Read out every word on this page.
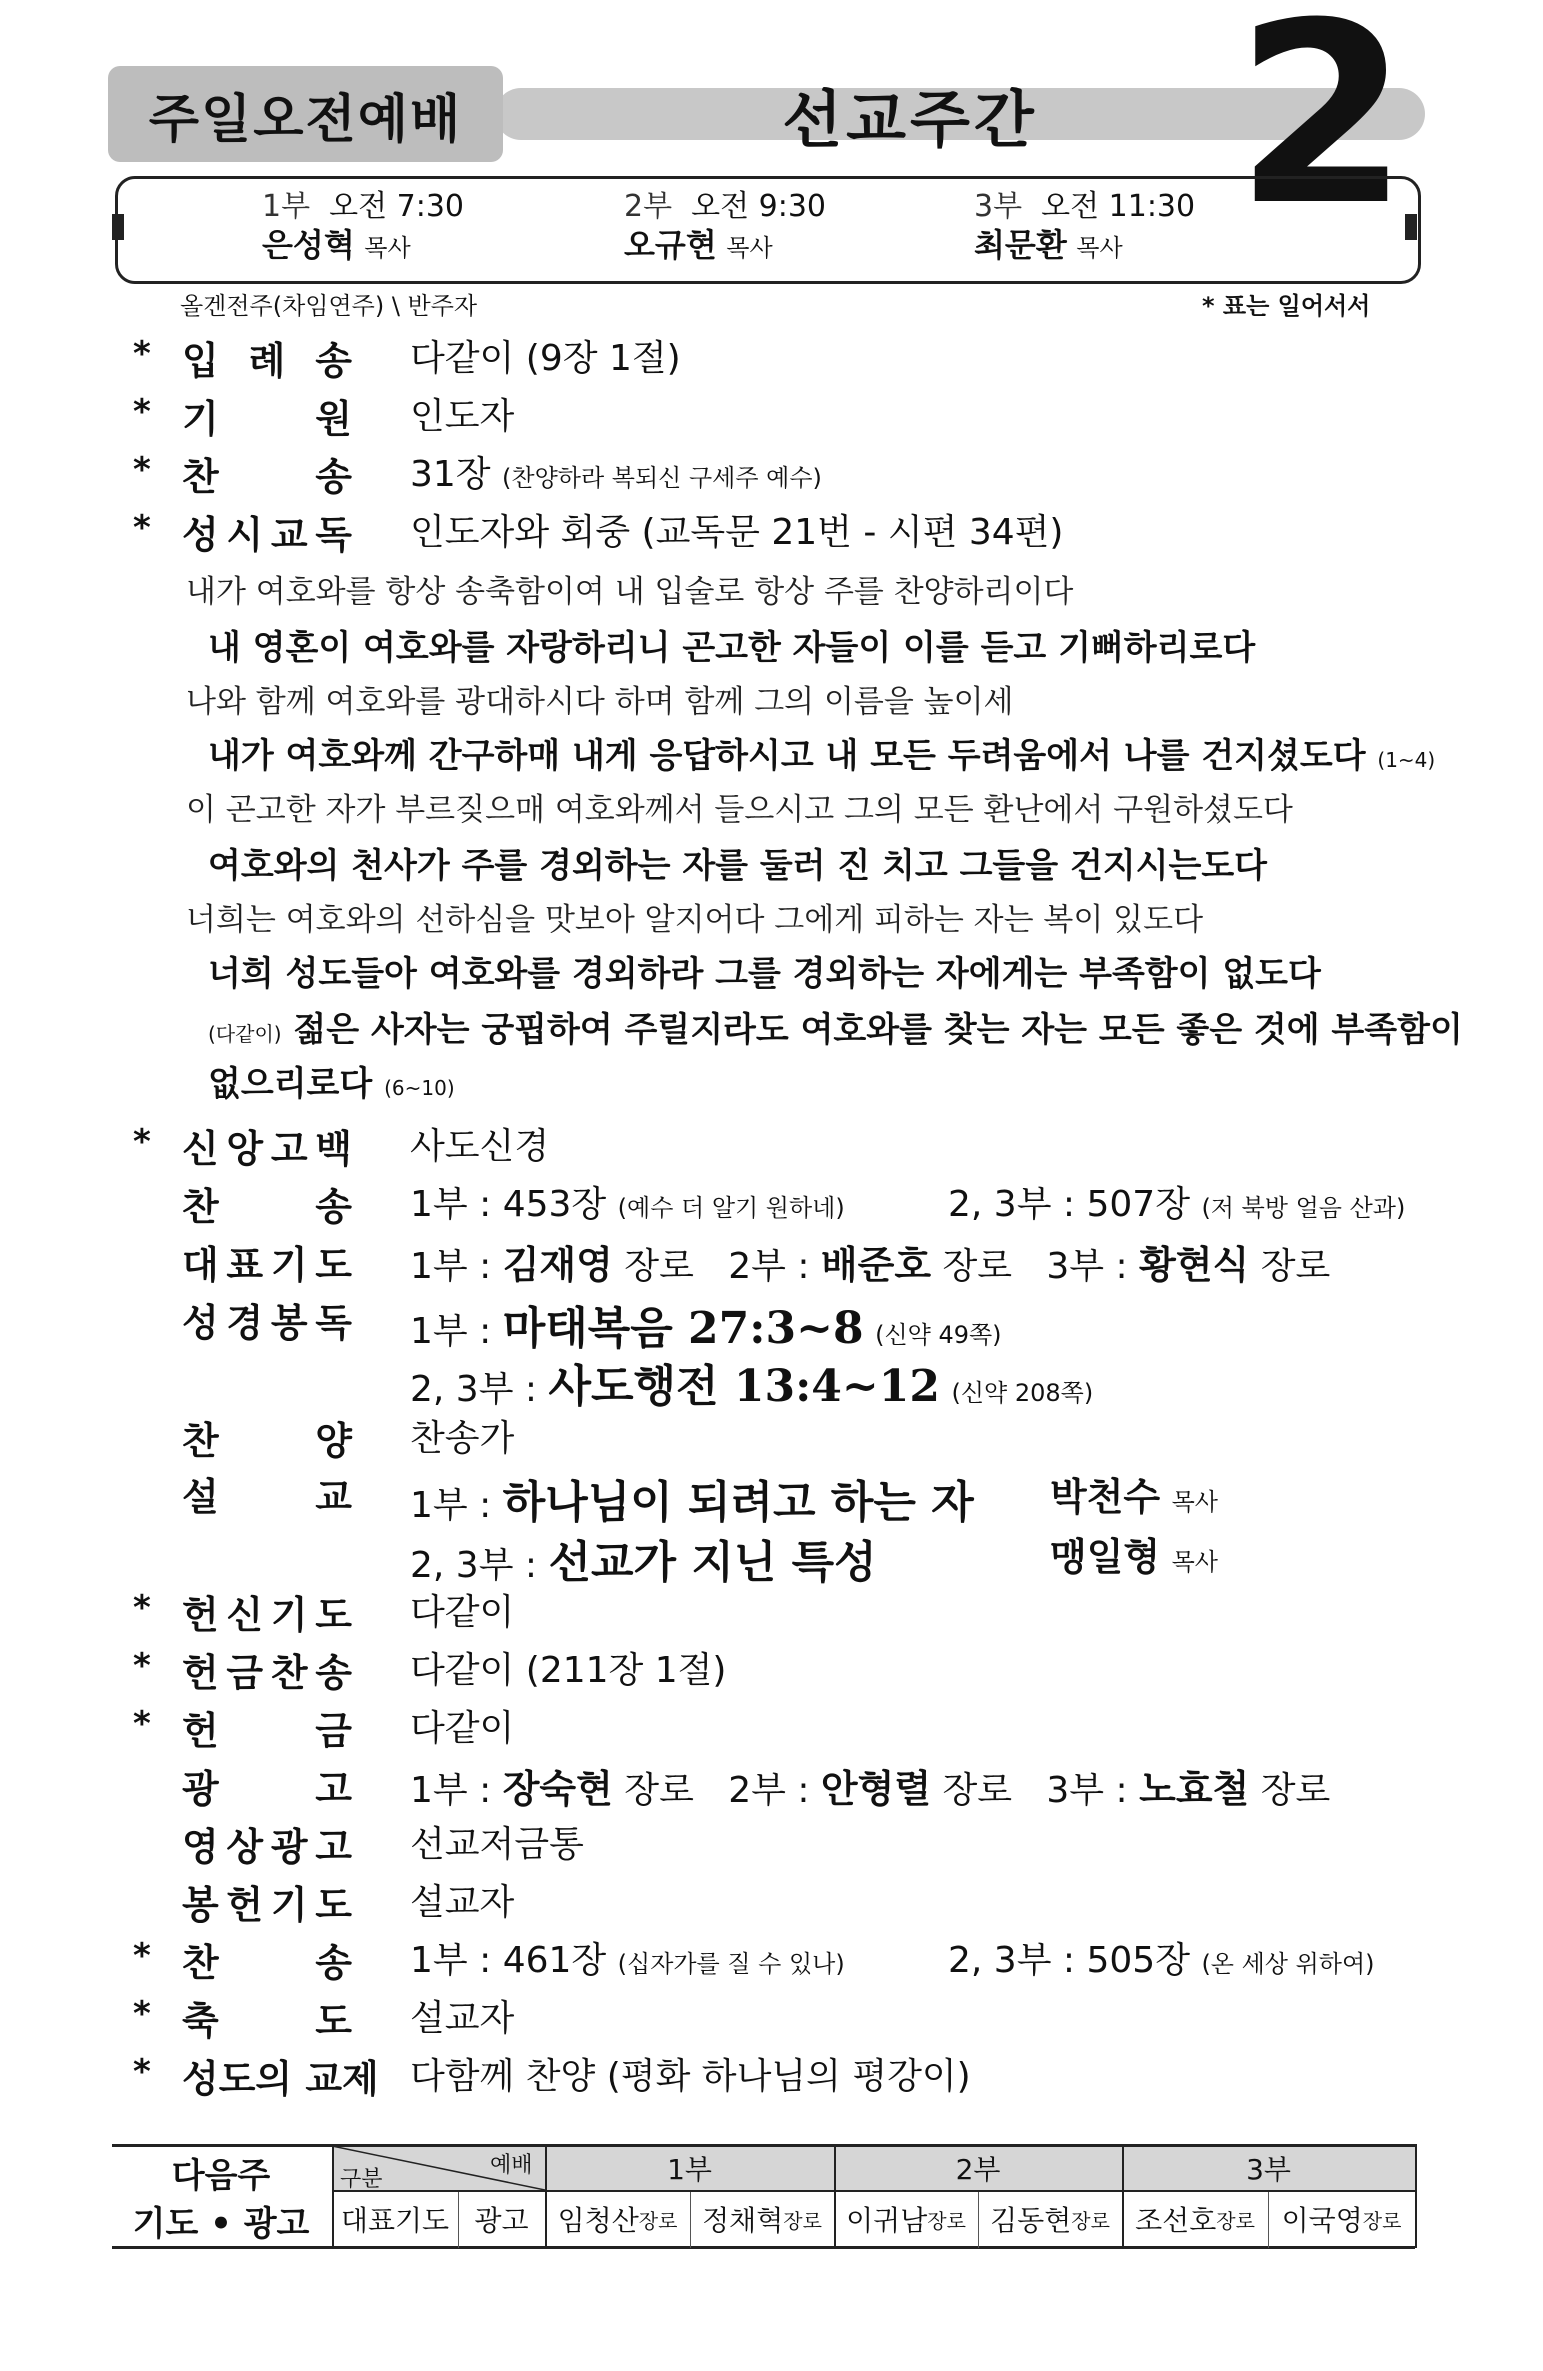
주일오전예배	선교주간 2
1부 오전 7:30
은성혁 목사
2부 오전 9:30
오규현 목사
3부 오전 11:30
최문환 목사
올겐전주(차임연주) \ 반주자	* 표는 일어서서
* 입 례 송 다같이 (9장 1절)
* 기	원 인도자
* 찬	송 31장 (찬양하라 복되신 구세주 예수)
* 성 시 교 독 인도자와 회중 (교독문 21번 - 시편 34편)
내가 여호와를 항상 송축함이여 내 입술로 항상 주를 찬양하리이다
내 영혼이 여호와를 자랑하리니 곤고한 자들이 이를 듣고 기뻐하리로다
나와 함께 여호와를 광대하시다 하며 함께 그의 이름을 높이세
내가 여호와께 간구하매 내게 응답하시고 내 모든 두려움에서 나를 건지셨도다 (1~4)
이 곤고한 자가 부르짖으매 여호와께서 들으시고 그의 모든 환난에서 구원하셨도다
여호와의 천사가 주를 경외하는 자를 둘러 진 치고 그들을 건지시는도다
너희는 여호와의 선하심을 맛보아 알지어다 그에게 피하는 자는 복이 있도다
너희 성도들아 여호와를 경외하라 그를 경외하는 자에게는 부족함이 없도다
(다같이) 젊은 사자는 궁핍하여 주릴지라도 여호와를 찾는 자는 모든 좋은 것에 부족함이
없으리로다 (6~10)
* 신 앙 고 백 사도신경
찬	송 1부 : 453장 (예수 더 알기 원하네)	2, 3부 : 507장 (저 북방 얼음 산과)
대 표 기 도 1부 : 김재영 장로 2부 : 배준호 장로 3부 : 황현식 장로
성 경 봉 독 1부 : 마태복음 27:3~8 (신약 49쪽)
2, 3부 : 사도행전 13:4~12 (신약 208쪽)
찬	양 찬송가
설	교 1부 : 하나님이 되려고 하는 자 박천수 목사
2, 3부 : 선교가 지닌 특성	맹일형 목사
* 헌 신 기 도 다같이
* 헌 금 찬 송 다같이 (211장 1절)
* 헌	금 다같이
광	고 1부 : 장숙현 장로 2부 : 안형렬 장로 3부 : 노효철 장로
영 상 광 고 선교저금통
봉 헌 기 도 설교자
* 찬	송 1부 : 461장 (십자가를 질 수 있나)	2, 3부 : 505장 (온 세상 위하여)
* 축	도 설교자
* 성도의 교제 다함께 찬양 (평화 하나님의 평강이)
다음주
기도 • 광고
예배
구분	1부	2부	3부
대표기도 광고	임청산 장로 정채혁 장로 이귀남 장로 김동현 장로 조선호 장로 이국영 장로
